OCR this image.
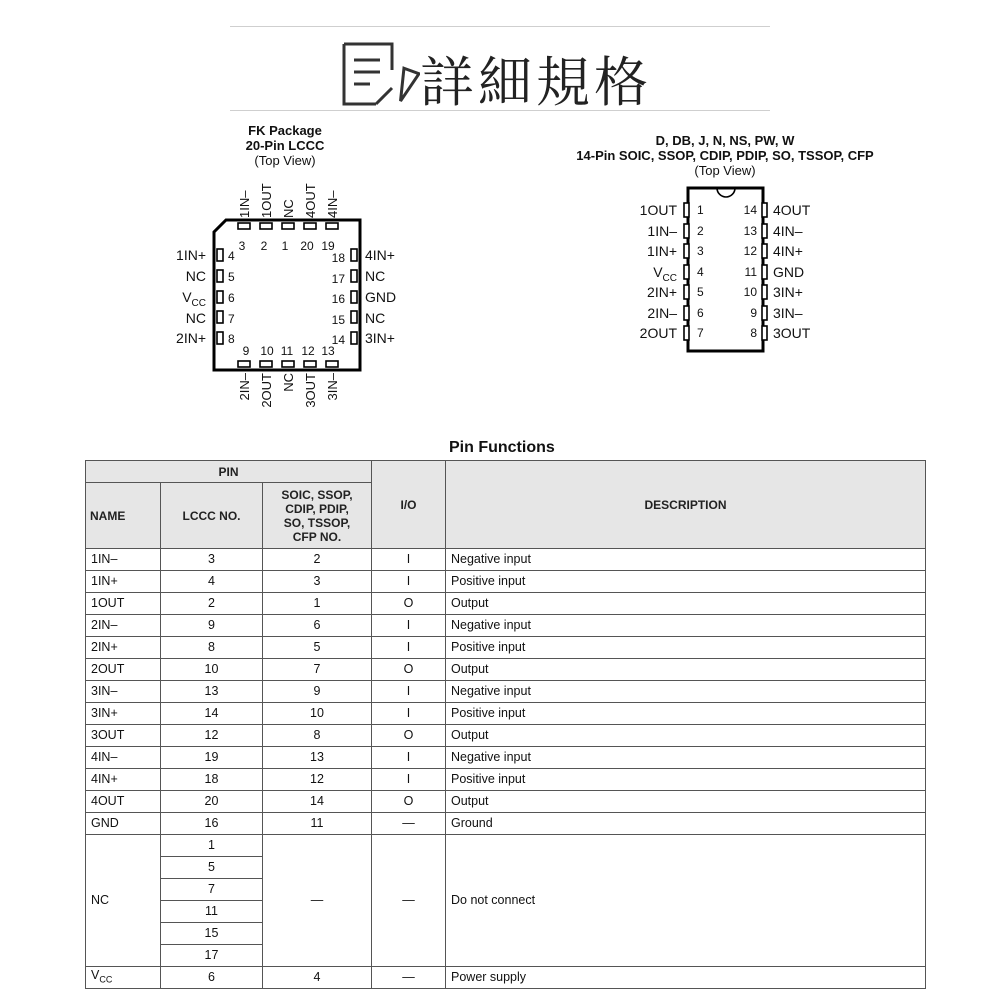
詳細規格
FK Package
20-Pin LCCC
(Top View)
1IN– 1OUT NC 4OUT 4IN–
3 2 1 20 19
1IN+
NC
$V_{CC}$
NC
2IN+
4
5
6
7
8
4IN+
NC
GND
NC
3IN+
18
17
16
15
14
9 10 11 12 13
2IN– 2OUT NC 3OUT 3IN–
D, DB, J, N, NS, PW, W
14-Pin SOIC, SSOP, CDIP, PDIP, SO, TSSOP, CFP
(Top View)
1OUT
1IN–
1IN+
$V_{CC}$
2IN+
2IN–
2OUT
1
2
3
4
5
6
7
4OUT
4IN–
4IN+
GND
3IN+
3IN–
3OUT
14
13
12
11
10
9
8
Pin Functions
PIN			I/O	DESCRIPTION
NAME	LCCC NO.	SOIC, SSOP,
CDIP, PDIP,
SO, TSSOP,
CFP NO.		

1IN–	3	2	I	Negative input
1IN+	4	3	I	Positive input
1OUT	2	1	O	Output
2IN–	9	6	I	Negative input
2IN+	8	5	I	Positive input
2OUT	10	7	O	Output
3IN–	13	9	I	Negative input
3IN+	14	10	I	Positive input
3OUT	12	8	O	Output
4IN–	19	13	I	Negative input
4IN+	18	12	I	Positive input
4OUT	20	14	O	Output
GND	16	11	—	Ground
NC	1	—	—	Do not connect
	5			
	7			
	11			
	15			
	17			
$V_{CC}$	6	4	—	Power supply
